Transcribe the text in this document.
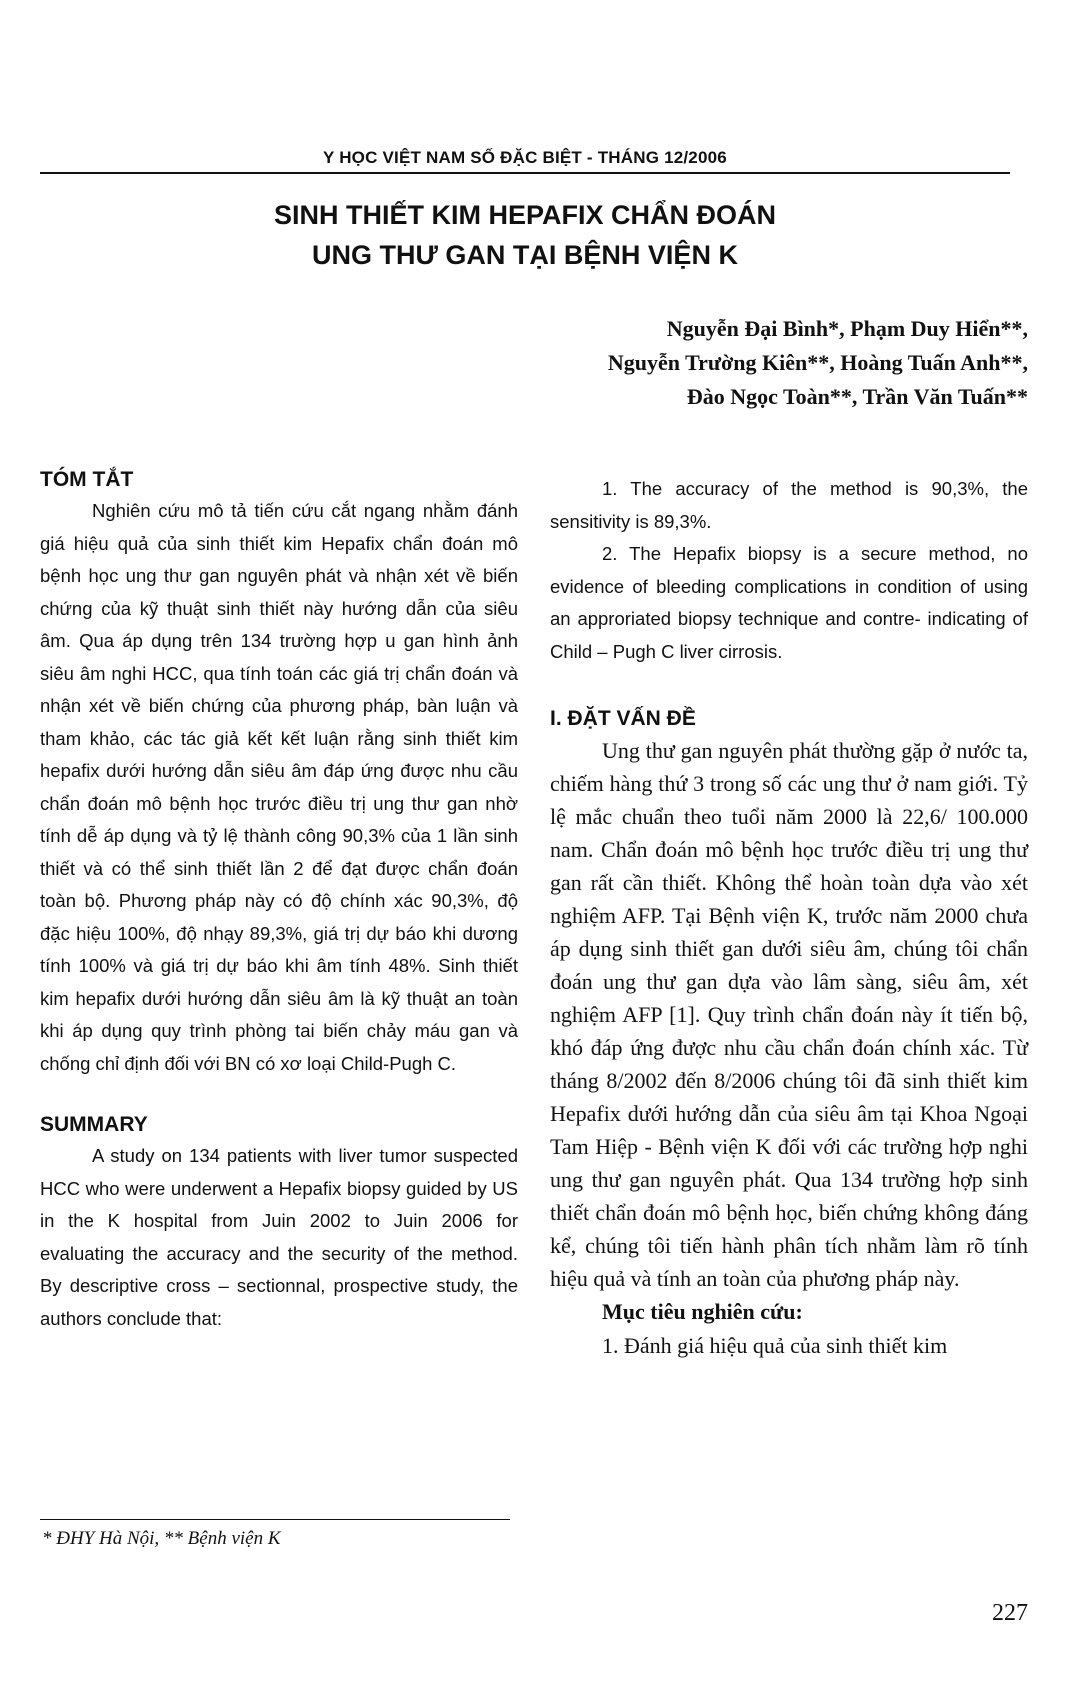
Y HỌC VIỆT NAM SỐ ĐẶC BIỆT - THÁNG 12/2006
SINH THIẾT KIM HEPAFIX CHẨN ĐOÁN
UNG THƯ GAN TẠI BỆNH VIỆN K
Nguyễn Đại Bình*, Phạm Duy Hiển**,
Nguyễn Trường Kiên**, Hoàng Tuấn Anh**,
Đào Ngọc Toàn**, Trần Văn Tuấn**
TÓM TẮT

Nghiên cứu mô tả tiến cứu cắt ngang nhằm đánh giá hiệu quả của sinh thiết kim Hepafix chẩn đoán mô bệnh học ung thư gan nguyên phát và nhận xét về biến chứng của kỹ thuật sinh thiết này hướng dẫn của siêu âm. Qua áp dụng trên 134 trường hợp u gan hình ảnh siêu âm nghi HCC, qua tính toán các giá trị chẩn đoán và nhận xét về biến chứng của phương pháp, bàn luận và tham khảo, các tác giả kết kết luận rằng sinh thiết kim hepafix dưới hướng dẫn siêu âm đáp ứng được nhu cầu chẩn đoán mô bệnh học trước điều trị ung thư gan nhờ tính dễ áp dụng và tỷ lệ thành công 90,3% của 1 lần sinh thiết và có thể sinh thiết lần 2 để đạt được chẩn đoán toàn bộ. Phương pháp này có độ chính xác 90,3%, độ đặc hiệu 100%, độ nhạy 89,3%, giá trị dự báo khi dương tính 100% và giá trị dự báo khi âm tính 48%. Sinh thiết kim hepafix dưới hướng dẫn siêu âm là kỹ thuật an toàn khi áp dụng quy trình phòng tai biến chảy máu gan và chống chỉ định đối với BN có xơ loại Child-Pugh C.

SUMMARY

A study on 134 patients with liver tumor suspected HCC who were underwent a Hepafix biopsy guided by US in the K hospital from Juin 2002 to Juin 2006 for evaluating the accuracy and the security of the method. By descriptive cross – sectionnal, prospective study, the authors conclude that:

1. The accuracy of the method is 90,3%, the sensitivity is 89,3%.

2. The Hepafix biopsy is a secure method, no evidence of bleeding complications in condition of using an approriated biopsy technique and contre- indicating of Child – Pugh C liver cirrosis.

I. ĐẶT VẤN ĐỀ

Ung thư gan nguyên phát thường gặp ở nước ta, chiếm hàng thứ 3 trong số các ung thư ở nam giới. Tỷ lệ mắc chuẩn theo tuổi năm 2000 là 22,6/ 100.000 nam. Chẩn đoán mô bệnh học trước điều trị ung thư gan rất cần thiết. Không thể hoàn toàn dựa vào xét nghiệm AFP. Tại Bệnh viện K, trước năm 2000 chưa áp dụng sinh thiết gan dưới siêu âm, chúng tôi chẩn đoán ung thư gan dựa vào lâm sàng, siêu âm, xét nghiệm AFP [1]. Quy trình chẩn đoán này ít tiến bộ, khó đáp ứng được nhu cầu chẩn đoán chính xác. Từ tháng 8/2002 đến 8/2006 chúng tôi đã sinh thiết kim Hepafix dưới hướng dẫn của siêu âm tại Khoa Ngoại Tam Hiệp - Bệnh viện K đối với các trường hợp nghi ung thư gan nguyên phát. Qua 134 trường hợp sinh thiết chẩn đoán mô bệnh học, biến chứng không đáng kể, chúng tôi tiến hành phân tích nhằm làm rõ tính hiệu quả và tính an toàn của phương pháp này.

Mục tiêu nghiên cứu:

1. Đánh giá hiệu quả của sinh thiết kim

* ĐHY Hà Nội, ** Bệnh viện K
227
